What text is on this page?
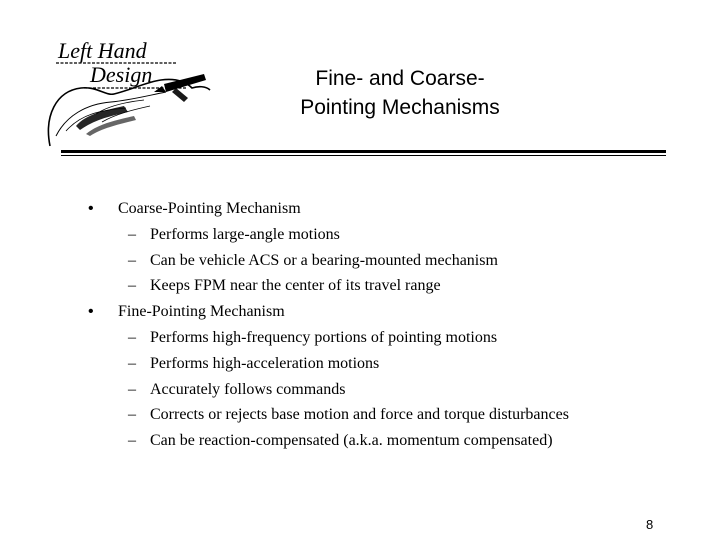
Left Hand
Design	Fine- and Coarse-
Pointing Mechanisms
• Coarse-Pointing Mechanism
– Performs large-angle motions
– Can be vehicle ACS or a bearing-mounted mechanism
– Keeps FPM near the center of its travel range
• Fine-Pointing Mechanism
– Performs high-frequency portions of pointing motions
– Performs high-acceleration motions
– Accurately follows commands
– Corrects or rejects base motion and force and torque disturbances
– Can be reaction-compensated (a.k.a. momentum compensated)
8
